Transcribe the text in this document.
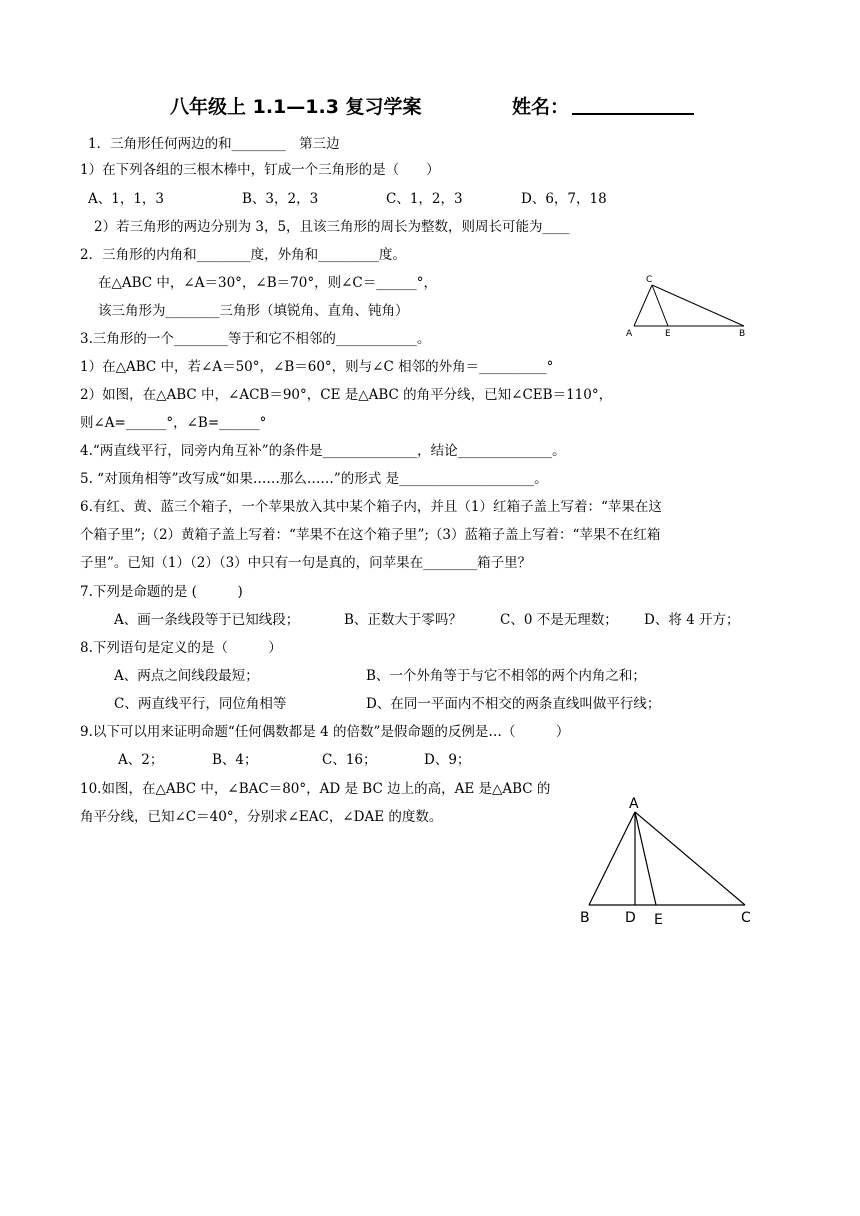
八年级上 1.1—1.3 复习学案	姓名：
1．三角形任何两边的和________　第三边
1）在下列各组的三根木棒中，钉成一个三角形的是（　　）
A、1，1，3	B、3，2，3	C、1，2，3	D、6，7，18
2）若三角形的两边分别为 3，5，且该三角形的周长为整数，则周长可能为____
2．三角形的内角和________度，外角和_________度。
在△ABC 中，∠A＝30°，∠B＝70°，则∠C＝______°，
该三角形为________三角形（填锐角、直角、钝角）
C
A	E	B
3.三角形的一个________等于和它不相邻的____________。
1）在△ABC 中，若∠A＝50°，∠B＝60°，则与∠C 相邻的外角＝__________°
2）如图，在△ABC 中，∠ACB＝90°，CE 是△ABC 的角平分线，已知∠CEB＝110°，
则∠A=______°，∠B=______°
4.“两直线平行，同旁内角互补”的条件是______________，结论______________。
5. “对顶角相等”改写成“如果……那么……”的形式 是____________________。
6.有红、黄、蓝三个箱子，一个苹果放入其中某个箱子内，并且（1）红箱子盖上写着：“苹果在这
个箱子里”;（2）黄箱子盖上写着：“苹果不在这个箱子里”;（3）蓝箱子盖上写着：“苹果不在红箱
子里”。已知（1）（2）（3）中只有一句是真的，问苹果在________箱子里？
7.下列是命题的是 (　　　)
A、画一条线段等于已知线段；	B、正数大于零吗？	C、0 不是无理数； D、将 4 开方；
8.下列语句是定义的是（　　　）
A、两点之间线段最短；	B、一个外角等于与它不相邻的两个内角之和；
C、两直线平行，同位角相等	D、在同一平面内不相交的两条直线叫做平行线；
9.以下可以用来证明命题“任何偶数都是 4 的倍数”是假命题的反例是…（　　　）
A、2；	B、4；	C、16；	D、9；
10.如图，在△ABC 中，∠BAC＝80°，AD 是 BC 边上的高，AE 是△ABC 的
角平分线，已知∠C＝40°，分别求∠EAC，∠DAE 的度数。
A
B	D E	C
